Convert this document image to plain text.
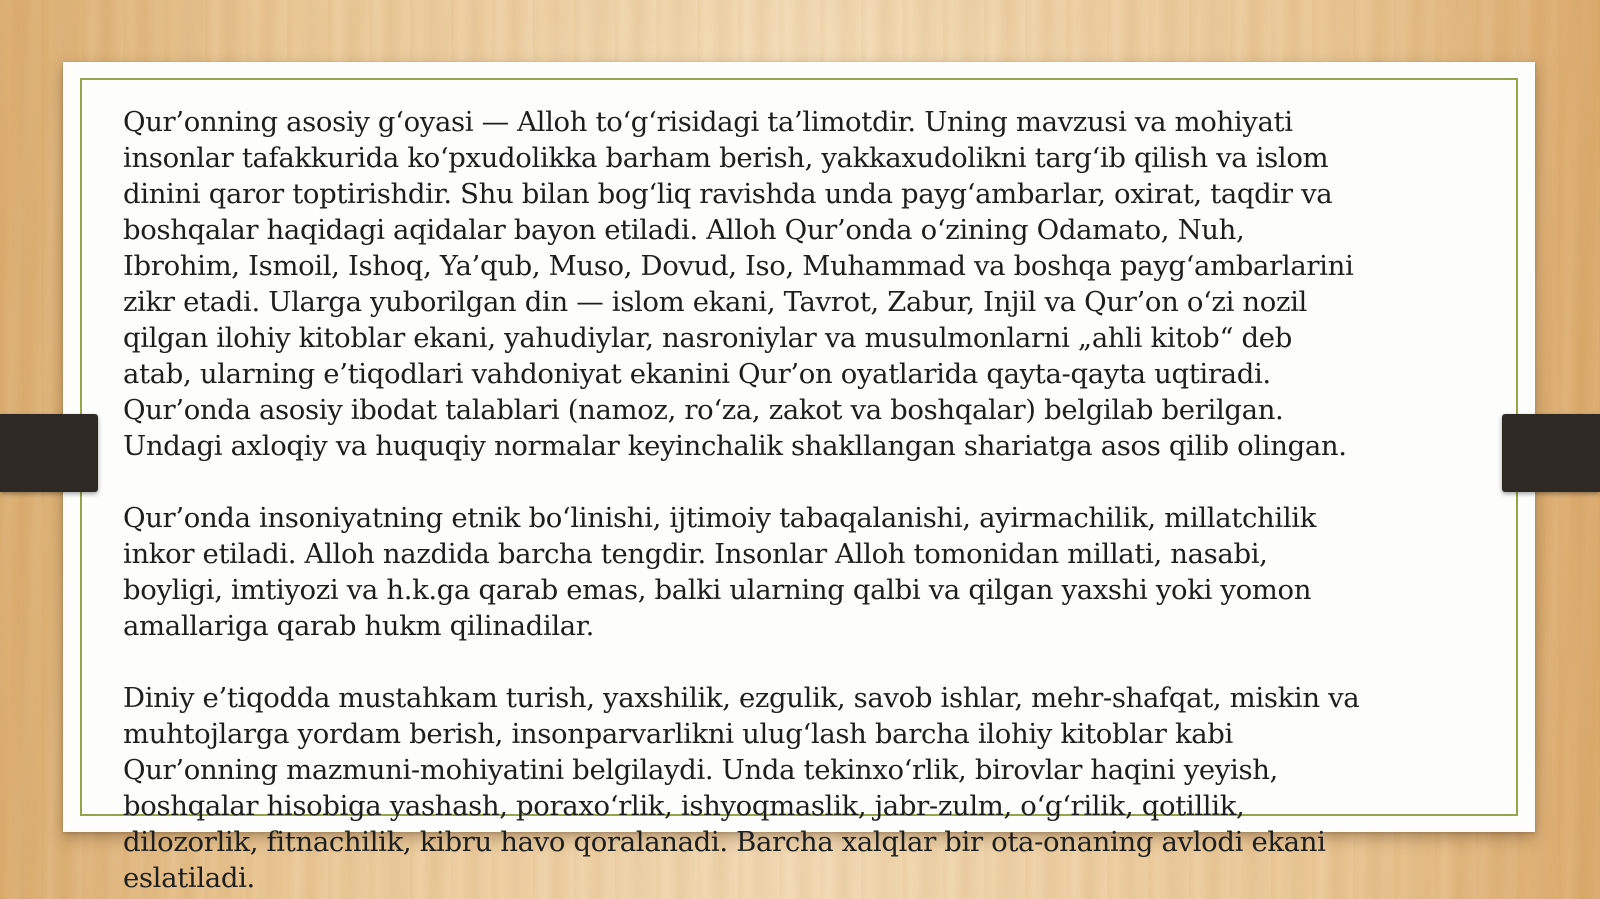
Qur’onning asosiy g‘oyasi — Alloh to‘g‘risidagi ta’limotdir. Uning mavzusi va mohiyati
insonlar tafakkurida ko‘pxudolikka barham berish, yakkaxudolikni targ‘ib qilish va islom
dinini qaror toptirishdir. Shu bilan bog‘liq ravishda unda payg‘ambarlar, oxirat, taqdir va
boshqalar haqidagi aqidalar bayon etiladi. Alloh Qur’onda o‘zining Odamato, Nuh,
Ibrohim, Ismoil, Ishoq, Ya’qub, Muso, Dovud, Iso, Muhammad va boshqa payg‘ambarlarini
zikr etadi. Ularga yuborilgan din — islom ekani, Tavrot, Zabur, Injil va Qur’on o‘zi nozil
qilgan ilohiy kitoblar ekani, yahudiylar, nasroniylar va musulmonlarni „ahli kitob“ deb
atab, ularning e’tiqodlari vahdoniyat ekanini Qur’on oyatlarida qayta-qayta uqtiradi.
Qur’onda asosiy ibodat talablari (namoz, ro‘za, zakot va boshqalar) belgilab berilgan.
Undagi axloqiy va huquqiy normalar keyinchalik shakllangan shariatga asos qilib olingan.

Qur’onda insoniyatning etnik bo‘linishi, ijtimoiy tabaqalanishi, ayirmachilik, millatchilik
inkor etiladi. Alloh nazdida barcha tengdir. Insonlar Alloh tomonidan millati, nasabi,
boyligi, imtiyozi va h.k.ga qarab emas, balki ularning qalbi va qilgan yaxshi yoki yomon
amallariga qarab hukm qilinadilar.

Diniy e’tiqodda mustahkam turish, yaxshilik, ezgulik, savob ishlar, mehr-shafqat, miskin va
muhtojlarga yordam berish, insonparvarlikni ulug‘lash barcha ilohiy kitoblar kabi
Qur’onning mazmuni-mohiyatini belgilaydi. Unda tekinxo‘rlik, birovlar haqini yeyish,
boshqalar hisobiga yashash, poraxo‘rlik, ishyoqmaslik, jabr-zulm, o‘g‘rilik, qotillik,
dilozorlik, fitnachilik, kibru havo qoralanadi. Barcha xalqlar bir ota-onaning avlodi ekani
eslatiladi.
